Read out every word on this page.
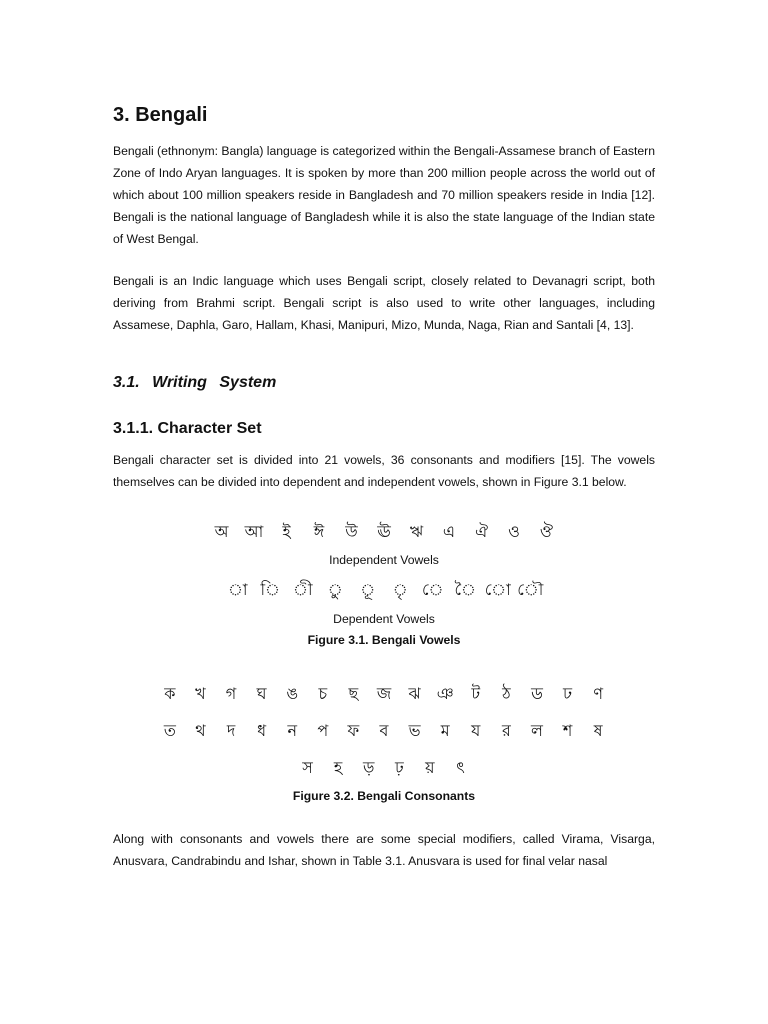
3. Bengali

Bengali (ethnonym: Bangla) language is categorized within the Bengali-Assamese branch of Eastern Zone of Indo Aryan languages. It is spoken by more than 200 million people across the world out of which about 100 million speakers reside in Bangladesh and 70 million speakers reside in India [12]. Bengali is the national language of Bangladesh while it is also the state language of the Indian state of West Bengal.

Bengali is an Indic language which uses Bengali script, closely related to Devanagri script, both deriving from Brahmi script. Bengali script is also used to write other languages, including Assamese, Daphla, Garo, Hallam, Khasi, Manipuri, Mizo, Munda, Naga, Rian and Santali [4, 13].

3.1. Writing System
3.1.1. Character Set

Bengali character set is divided into 21 vowels, 36 consonants and modifiers [15]. The vowels themselves can be divided into dependent and independent vowels, shown in Figure 3.1 below.

অ	আ	ই	ঈ	উ	ঊ	ঋ	এ	ঐ	ও	ঔ

Independent Vowels

া ি ী ু	ূ	ৃ ে ৈ ো ৌ

Dependent Vowels

Figure 3.1. Bengali Vowels

ক	খ	গ	ঘ	ঙ	চ	ছ	জ	ঝ	ঞ	ট	ঠ	ড	ঢ	ণ
ত	থ	দ	ধ	ন	প	ফ	ব	ভ	ম	য	র	ল	শ	ষ
স	হ	ড়	ঢ়	য়	ৎ

Figure 3.2. Bengali Consonants

Along with consonants and vowels there are some special modifiers, called Virama, Visarga, Anusvara, Candrabindu and Ishar, shown in Table 3.1. Anusvara is used for final velar nasal
